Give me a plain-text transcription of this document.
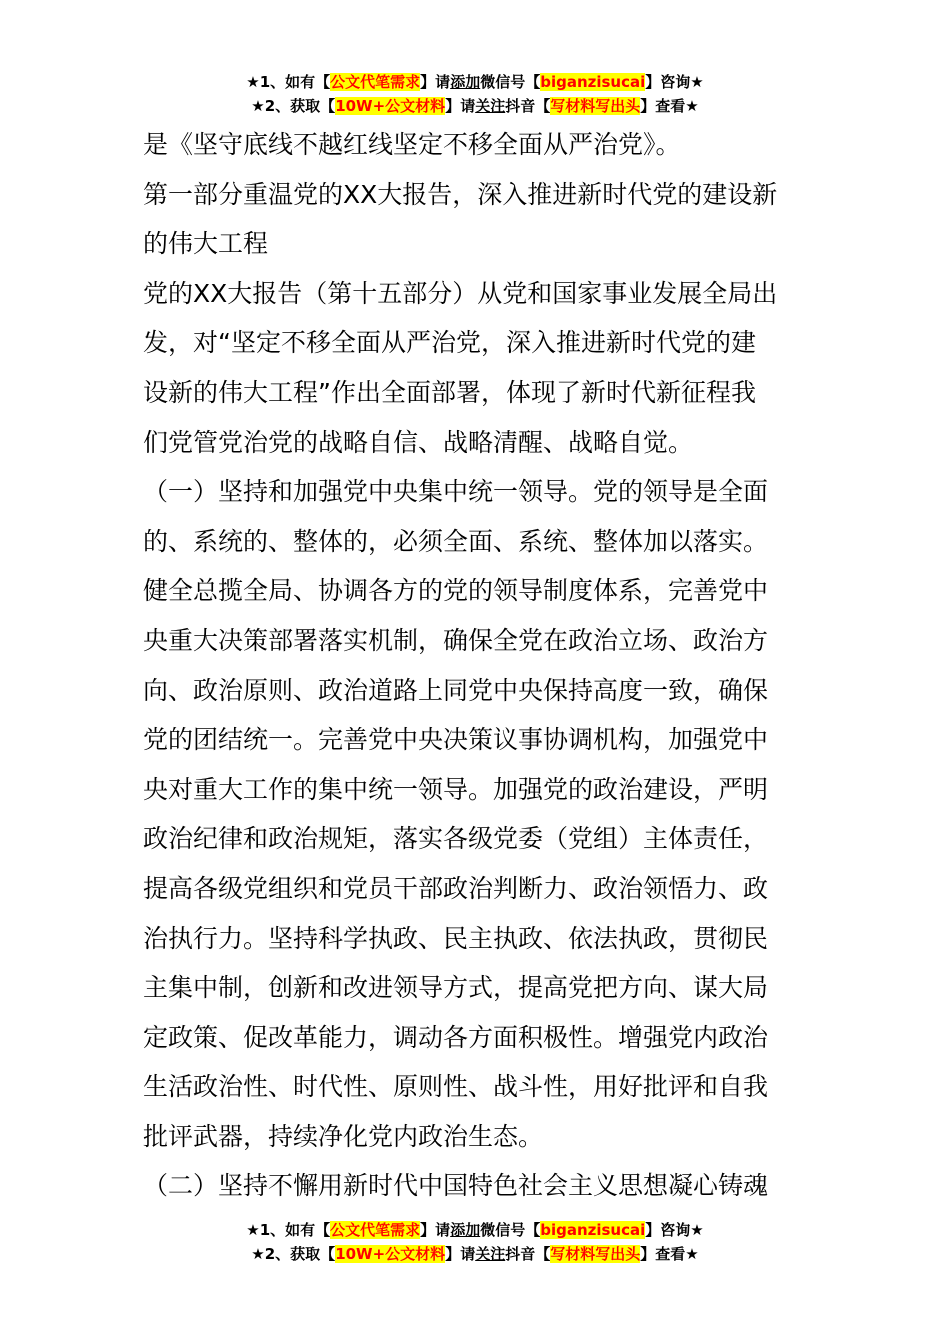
★1、如有【公文代笔需求】请添加微信号【biganzisucai】咨询★
★2、获取【10W+公文材料】请关注抖音【写材料写出头】查看★
是《坚守底线不越红线坚定不移全面从严治党》。
第一部分重温党的XX大报告，深入推进新时代党的建设新
的伟大工程
党的XX大报告（第十五部分）从党和国家事业发展全局出
发，对“坚定不移全面从严治党，深入推进新时代党的建
设新的伟大工程”作出全面部署，体现了新时代新征程我
们党管党治党的战略自信、战略清醒、战略自觉。
（一）坚持和加强党中央集中统一领导。党的领导是全面
的、系统的、整体的，必须全面、系统、整体加以落实。
健全总揽全局、协调各方的党的领导制度体系，完善党中
央重大决策部署落实机制，确保全党在政治立场、政治方
向、政治原则、政治道路上同党中央保持高度一致，确保
党的团结统一。完善党中央决策议事协调机构，加强党中
央对重大工作的集中统一领导。加强党的政治建设，严明
政治纪律和政治规矩，落实各级党委（党组）主体责任，
提高各级党组织和党员干部政治判断力、政治领悟力、政
治执行力。坚持科学执政、民主执政、依法执政，贯彻民
主集中制，创新和改进领导方式，提高党把方向、谋大局
定政策、促改革能力，调动各方面积极性。增强党内政治
生活政治性、时代性、原则性、战斗性，用好批评和自我
批评武器，持续净化党内政治生态。
（二）坚持不懈用新时代中国特色社会主义思想凝心铸魂
★1、如有【公文代笔需求】请添加微信号【biganzisucai】咨询★
★2、获取【10W+公文材料】请关注抖音【写材料写出头】查看★
